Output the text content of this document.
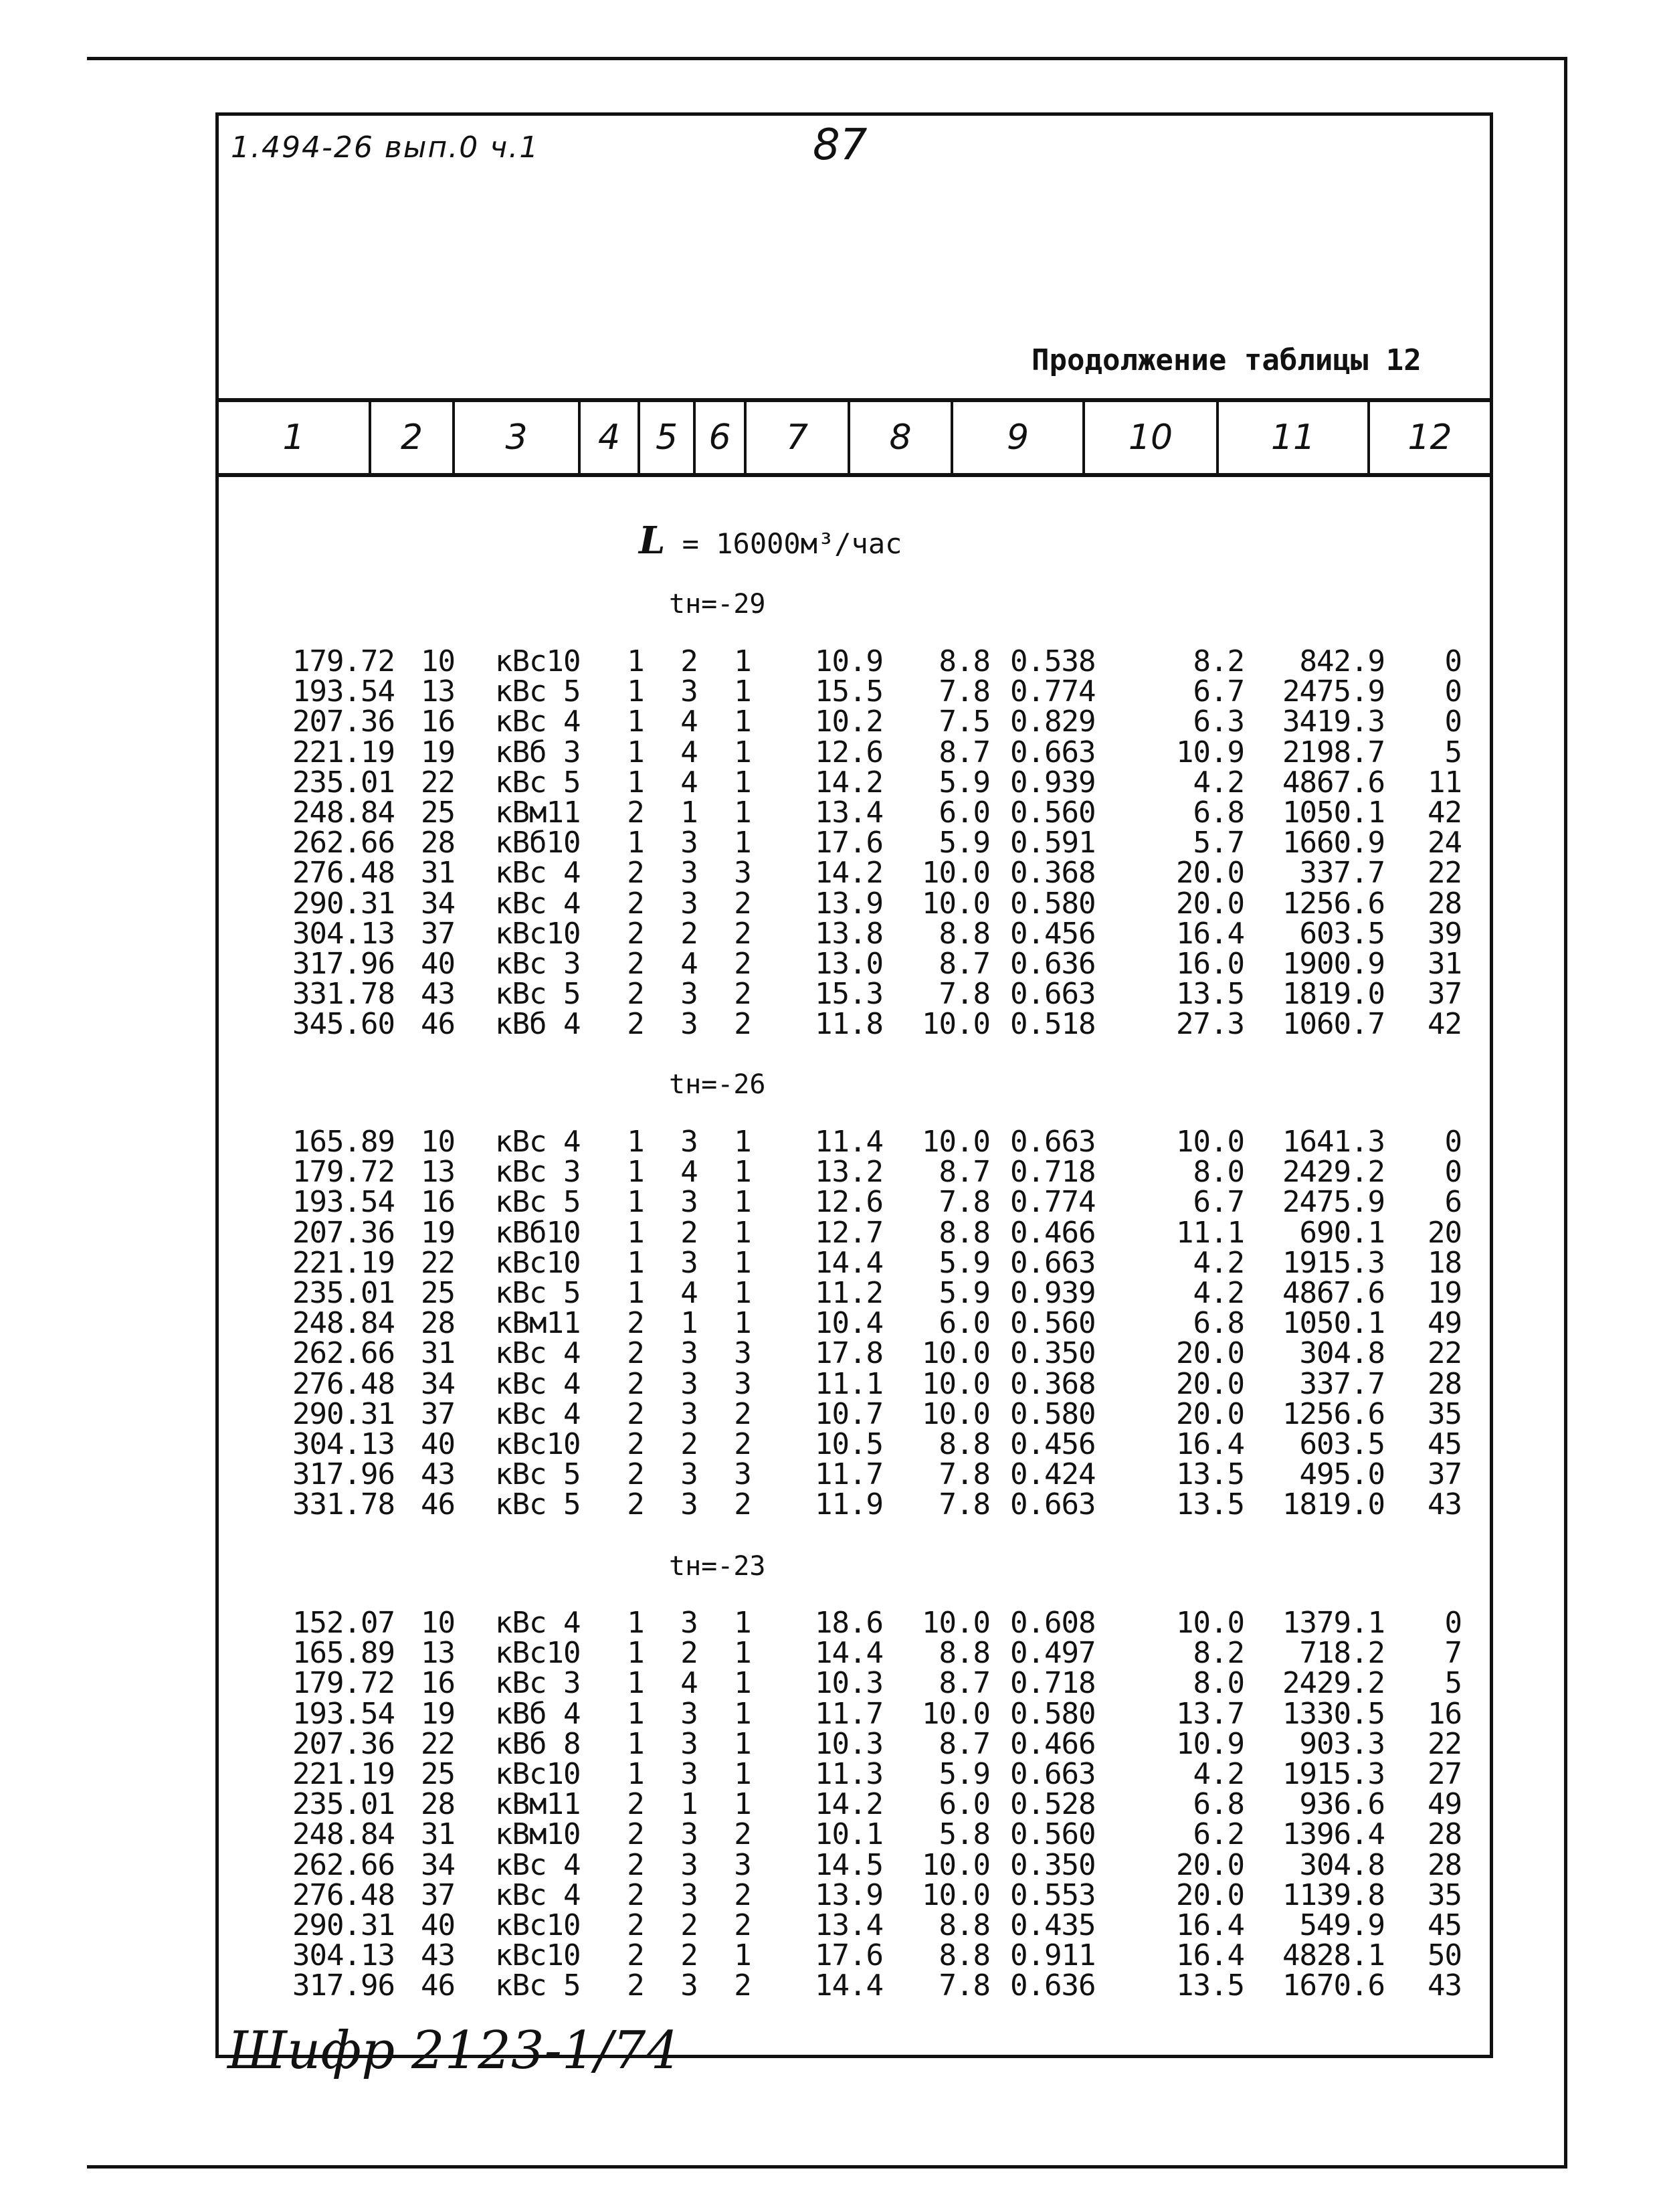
1.494-26 вып.0 ч.1	87
Продолжение таблицы 12
1	2	3	4	5 6	7	8	9	10	11	12
L = 16000м³/час
tн=-29
179.72 10 кВс10	1 2 1	10.9	8.8 0.538	8.2	842.9	0
193.54 13 кВс 5	1 3 1	15.5	7.8 0.774	6.7	2475.9	0
207.36 16 кВс 4	1 4 1	10.2	7.5 0.829	6.3	3419.3	0
221.19 19 кВб 3	1 4 1	12.6	8.7 0.663	10.9	2198.7	5
235.01 22 кВс 5	1 4 1	14.2	5.9 0.939	4.2	4867.6	11
248.84 25 кВм11	2 1 1	13.4	6.0 0.560	6.8	1050.1	42
262.66 28 кВб10	1 3 1	17.6	5.9 0.591	5.7	1660.9	24
276.48 31 кВс 4	2 3 3	14.2	10.0 0.368	20.0	337.7	22
290.31 34 кВс 4	2 3 2	13.9	10.0 0.580	20.0	1256.6	28
304.13 37 кВс10	2 2 2	13.8	8.8 0.456	16.4	603.5	39
317.96 40 кВс 3	2 4 2	13.0	8.7 0.636	16.0	1900.9	31
331.78 43 кВс 5	2 3 2	15.3	7.8 0.663	13.5	1819.0	37
345.60 46 кВб 4	2 3 2	11.8	10.0 0.518	27.3	1060.7	42
tн=-26
165.89 10 кВс 4	1 3 1	11.4	10.0 0.663	10.0	1641.3	0
179.72 13 кВс 3	1 4 1	13.2	8.7 0.718	8.0	2429.2	0
193.54 16 кВс 5	1 3 1	12.6	7.8 0.774	6.7	2475.9	6
207.36 19 кВб10	1 2 1	12.7	8.8 0.466	11.1	690.1	20
221.19 22 кВс10	1 3 1	14.4	5.9 0.663	4.2	1915.3	18
235.01 25 кВс 5	1 4 1	11.2	5.9 0.939	4.2	4867.6	19
248.84 28 кВм11	2 1 1	10.4	6.0 0.560	6.8	1050.1	49
262.66 31 кВс 4	2 3 3	17.8	10.0 0.350	20.0	304.8	22
276.48 34 кВс 4	2 3 3	11.1	10.0 0.368	20.0	337.7	28
290.31 37 кВс 4	2 3 2	10.7	10.0 0.580	20.0	1256.6	35
304.13 40 кВс10	2 2 2	10.5	8.8 0.456	16.4	603.5	45
317.96 43 кВс 5	2 3 3	11.7	7.8 0.424	13.5	495.0	37
331.78 46 кВс 5	2 3 2	11.9	7.8 0.663	13.5	1819.0	43
tн=-23
152.07 10 кВс 4	1 3 1	18.6	10.0 0.608	10.0	1379.1	0
165.89 13 кВс10	1 2 1	14.4	8.8 0.497	8.2	718.2	7
179.72 16 кВс 3	1 4 1	10.3	8.7 0.718	8.0	2429.2	5
193.54 19 кВб 4	1 3 1	11.7	10.0 0.580	13.7	1330.5	16
207.36 22 кВб 8	1 3 1	10.3	8.7 0.466	10.9	903.3	22
221.19 25 кВс10	1 3 1	11.3	5.9 0.663	4.2	1915.3	27
235.01 28 кВм11	2 1 1	14.2	6.0 0.528	6.8	936.6	49
248.84 31 кВм10	2 3 2	10.1	5.8 0.560	6.2	1396.4	28
262.66 34 кВс 4	2 3 3	14.5	10.0 0.350	20.0	304.8	28
276.48 37 кВс 4	2 3 2	13.9	10.0 0.553	20.0	1139.8	35
290.31 40 кВс10	2 2 2	13.4	8.8 0.435	16.4	549.9	45
304.13 43 кВс10	2 2 1	17.6	8.8 0.911	16.4	4828.1	50
317.96 46 кВс 5	2 3 2	14.4	7.8 0.636	13.5	1670.6	43
Шифр 2123-1/74
